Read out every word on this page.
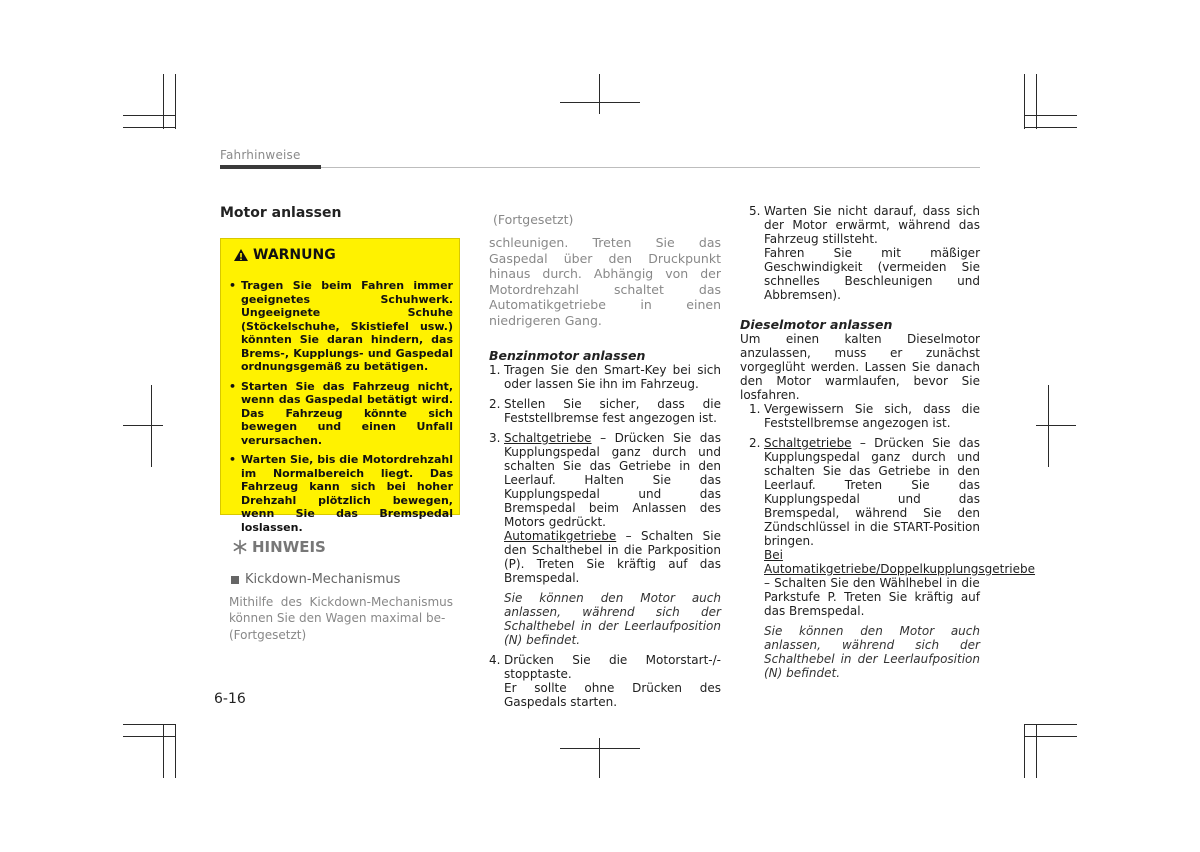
Fahrhinweise
Motor anlassen
WARNUNG
• Tragen Sie beim Fahren immer geeignetes Schuhwerk. Ungeeignete Schuhe (Stöckelschuhe, Skistiefel usw.) könnten Sie daran hindern, das Brems-, Kupplungs- und Gaspedal ordnungsgemäß zu betätigen.
• Starten Sie das Fahrzeug nicht, wenn das Gaspedal betätigt wird. Das Fahrzeug könnte sich bewegen und einen Unfall verursachen.
• Warten Sie, bis die Motordrehzahl im Normalbereich liegt. Das Fahrzeug kann sich bei hoher Drehzahl plötzlich bewegen, wenn Sie das Bremspedal loslassen.
HINWEIS
Kickdown-Mechanismus
Mithilfe des Kickdown-Mechanismus können Sie den Wagen maximal be-
(Fortgesetzt)
(Fortgesetzt)

schleunigen. Treten Sie das Gaspedal über den Druckpunkt hinaus durch. Abhängig von der Motordrehzahl schaltet das Automatikgetriebe in einen niedrigeren Gang.

Benzinmotor anlassen

1. Tragen Sie den Smart-Key bei sich oder lassen Sie ihn im Fahrzeug.
2. Stellen Sie sicher, dass die Feststellbremse fest angezogen ist.
3. Schaltgetriebe – Drücken Sie das Kupplungspedal ganz durch und schalten Sie das Getriebe in den Leerlauf. Halten Sie das Kupplungspedal und das Bremspedal beim Anlassen des Motors gedrückt.
Automatikgetriebe – Schalten Sie den Schalthebel in die Parkposition (P). Treten Sie kräftig auf das Bremspedal.
Sie können den Motor auch anlassen, während sich der Schalthebel in der Leerlaufposition (N) befindet.
4. Drücken Sie die Motorstart-/-stopptaste.
Er sollte ohne Drücken des Gaspedals starten.
5. Warten Sie nicht darauf, dass sich der Motor erwärmt, während das Fahrzeug stillsteht.
Fahren Sie mit mäßiger Geschwindigkeit (vermeiden Sie schnelles Beschleunigen und Abbremsen).

Dieselmotor anlassen

Um einen kalten Dieselmotor anzulassen, muss er zunächst vorgeglüht werden. Lassen Sie danach den Motor warmlaufen, bevor Sie losfahren.

1. Vergewissern Sie sich, dass die Feststellbremse angezogen ist.
2. Schaltgetriebe – Drücken Sie das Kupplungspedal ganz durch und schalten Sie das Getriebe in den Leerlauf. Treten Sie das Kupplungspedal und das Bremspedal, während Sie den Zündschlüssel in die START-Position bringen.
Bei Automatikgetriebe/Doppelkupplungsgetriebe – Schalten Sie den Wählhebel in die Parkstufe P. Treten Sie kräftig auf das Bremspedal.
Sie können den Motor auch anlassen, während sich der Schalthebel in der Leerlaufposition (N) befindet.
6-16
